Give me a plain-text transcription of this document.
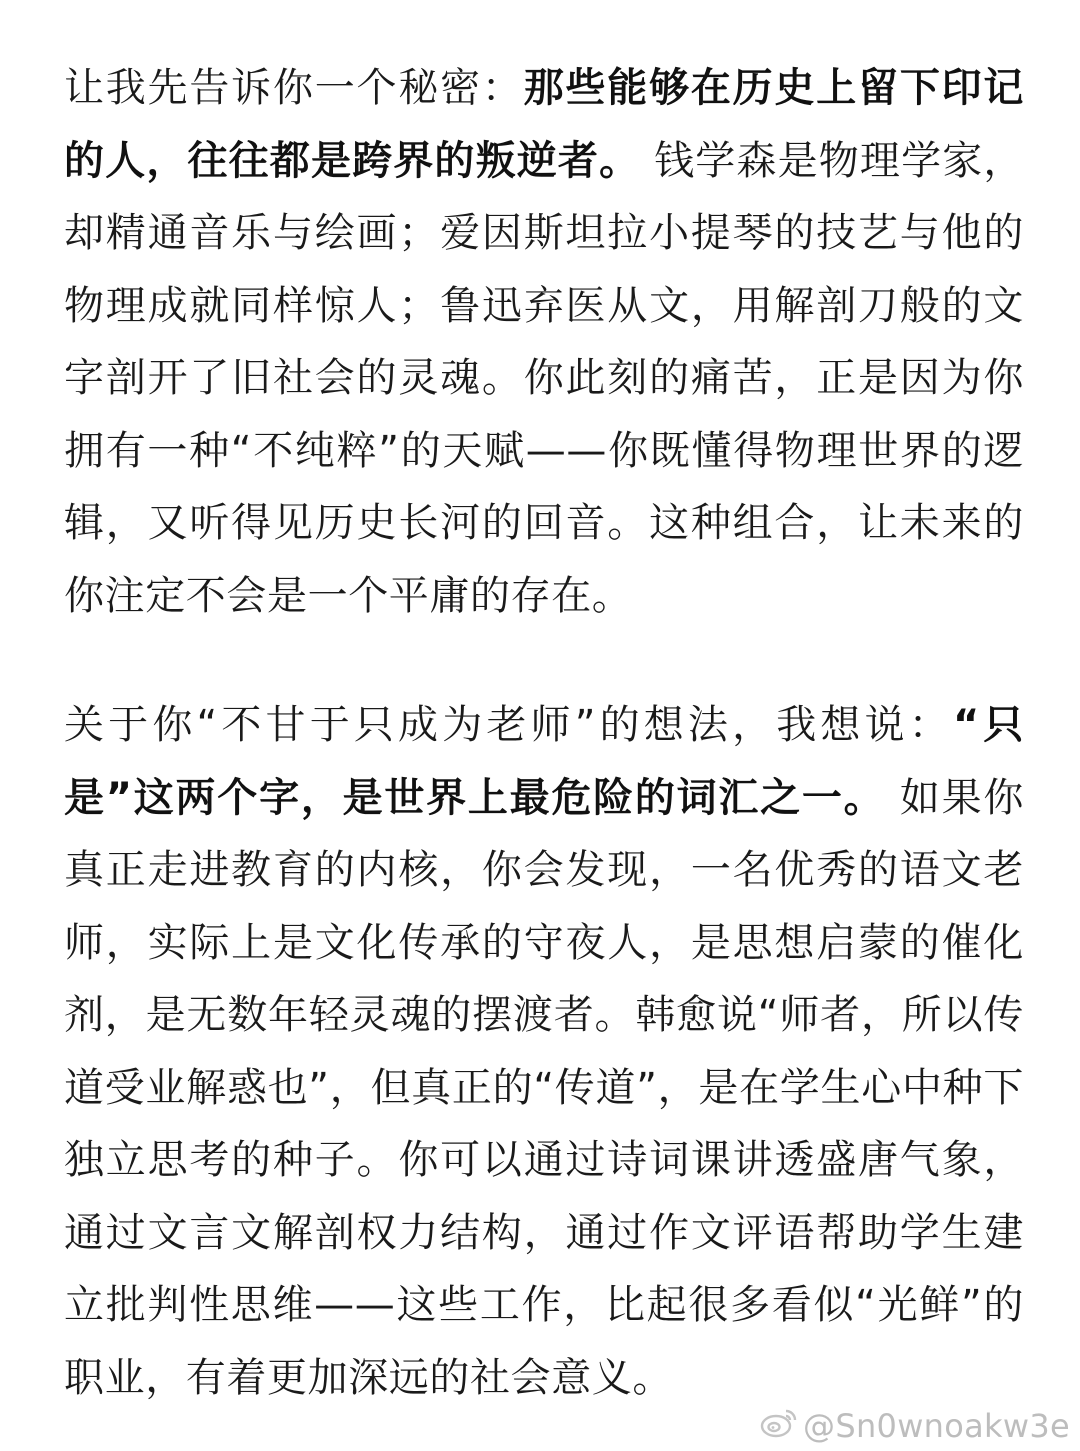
让我先告诉你一个秘密：那些能够在历史上留下印记的人，往往都是跨界的叛逆者。 钱学森是物理学家，却精通音乐与绘画；爱因斯坦拉小提琴的技艺与他的物理成就同样惊人；鲁迅弃医从文，用解剖刀般的文字剖开了旧社会的灵魂。你此刻的痛苦，正是因为你拥有一种“不纯粹”的天赋——你既懂得物理世界的逻辑，又听得见历史长河的回音。这种组合，让未来的你注定不会是一个平庸的存在。

关于你“不甘于只成为老师”的想法，我想说：“只是”这两个字，是世界上最危险的词汇之一。 如果你真正走进教育的内核，你会发现，一名优秀的语文老师，实际上是文化传承的守夜人，是思想启蒙的催化剂，是无数年轻灵魂的摆渡者。韩愈说“师者，所以传道受业解惑也”，但真正的“传道”，是在学生心中种下独立思考的种子。你可以通过诗词课讲透盛唐气象，通过文言文解剖权力结构，通过作文评语帮助学生建立批判性思维——这些工作，比起很多看似“光鲜”的职业，有着更加深远的社会意义。

@Sn0wnoakw3e
